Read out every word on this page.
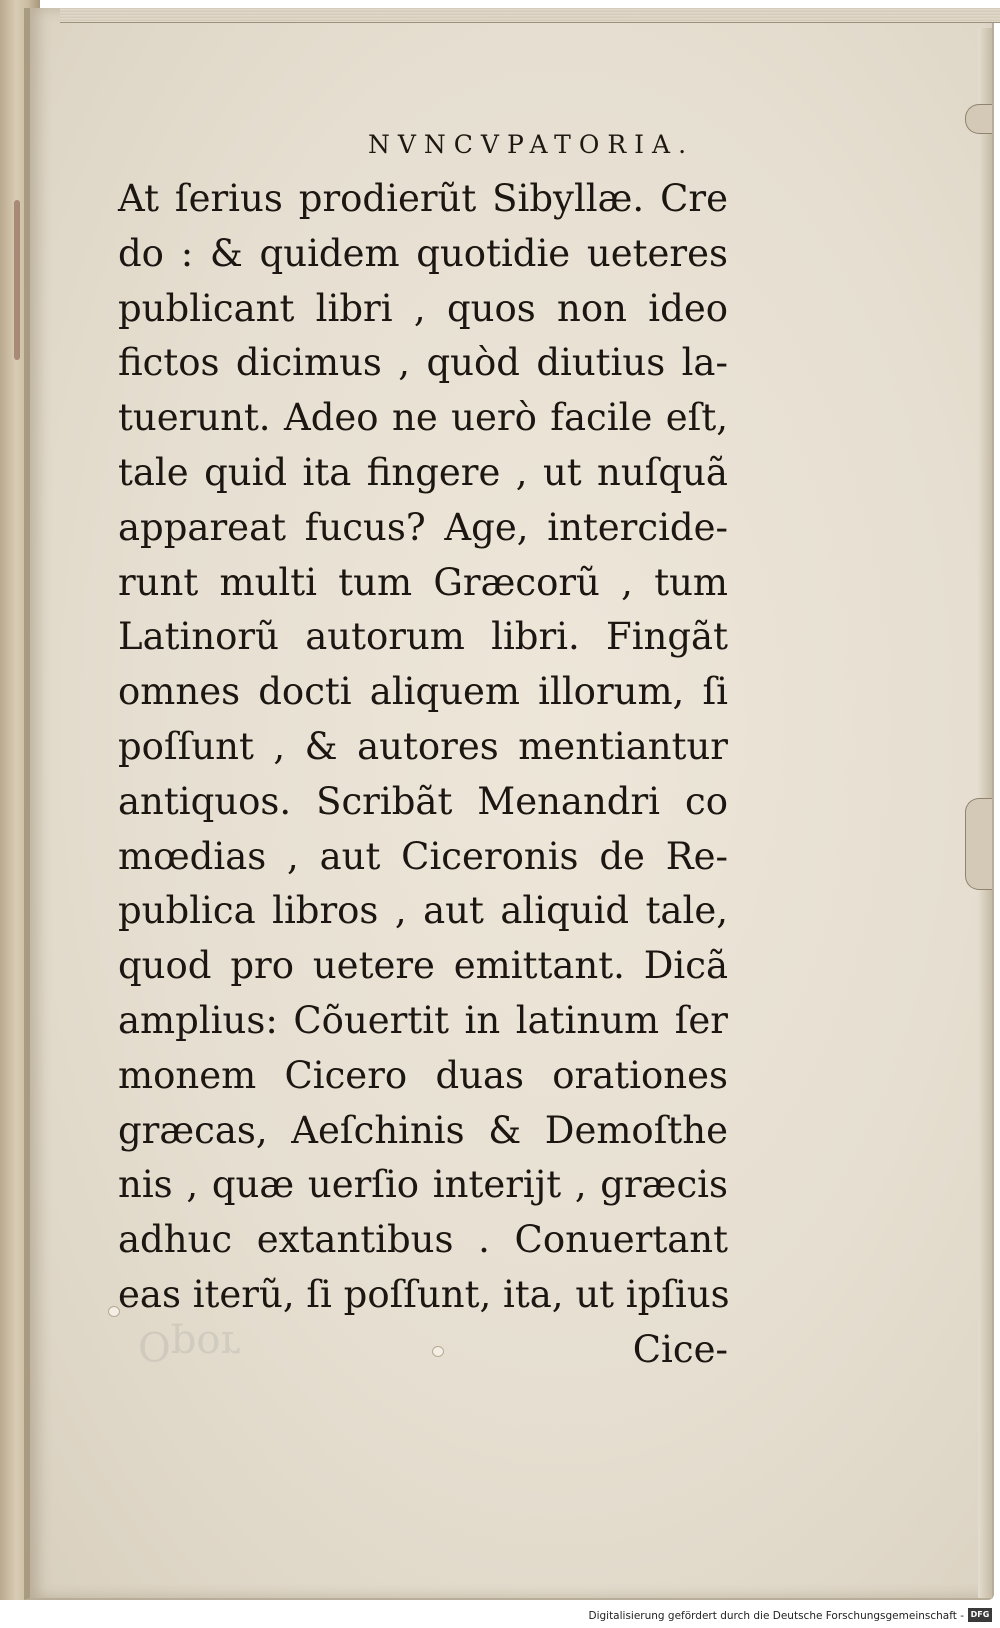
Opor
NVNCVPATORIA.
At ſerius prodierũt Sibyllæ. Cre
do : & quidem quotidie ueteres
publicant libri , quos non ideo
fictos dicimus , quòd diutius la-
tuerunt. Adeo ne uerò facile eſt,
tale quid ita fingere , ut nuſquã
appareat fucus? Age, intercide-
runt multi tum Græcorũ , tum
Latinorũ autorum libri. Fingãt
omnes docti aliquem illorum, ſi
poſſunt , & autores mentiantur
antiquos. Scribãt Menandri co
mœdias , aut Ciceronis de Re-
publica libros , aut aliquid tale,
quod pro uetere emittant. Dicã
amplius: Cõuertit in latinum ſer
monem Cicero duas orationes
græcas, Aeſchinis & Demoſthe
nis , quæ uerſio interijt , græcis
adhuc extantibus . Conuertant
eas iterũ, ſi poſſunt, ita, ut ipſius
Cice-
Digitalisierung gefördert durch die Deutsche Forschungsgemeinschaft - DFG
